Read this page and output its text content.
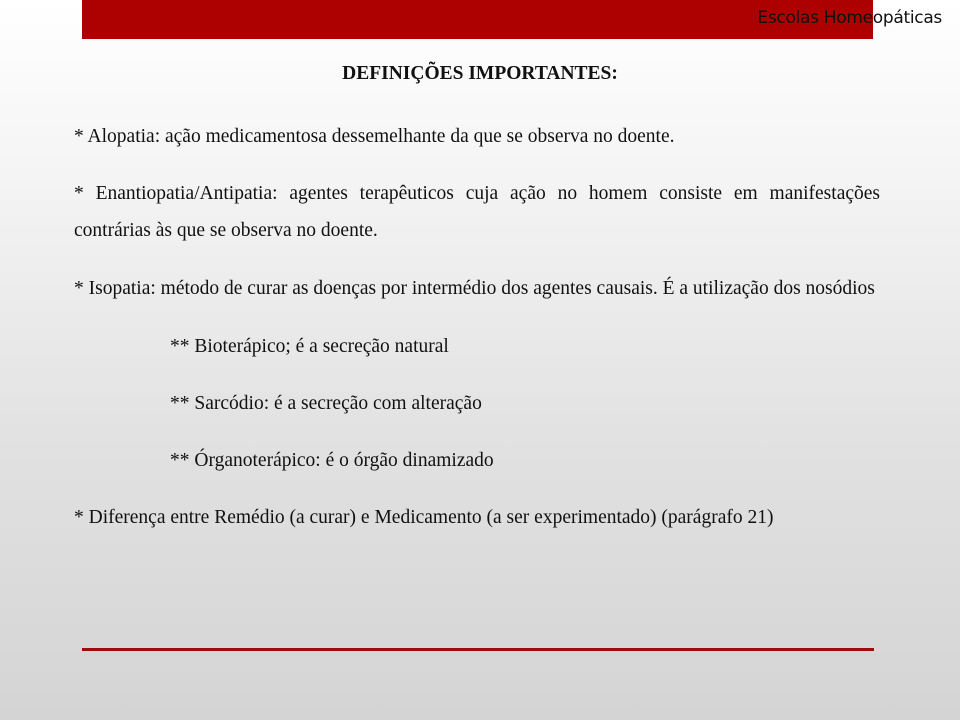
Escolas Homeopáticas
DEFINIÇÕES IMPORTANTES:

* Alopatia: ação medicamentosa dessemelhante da que se observa no doente.

* Enantiopatia/Antipatia: agentes terapêuticos cuja ação no homem consiste em manifestações contrárias às que se observa no doente.

* Isopatia: método de curar as doenças por intermédio dos agentes causais. É a utilização dos nosódios

** Bioterápico; é a secreção natural

** Sarcódio: é a secreção com alteração

** Órganoterápico: é o órgão dinamizado

* Diferença entre Remédio (a curar) e Medicamento (a ser experimentado) (parágrafo 21)
